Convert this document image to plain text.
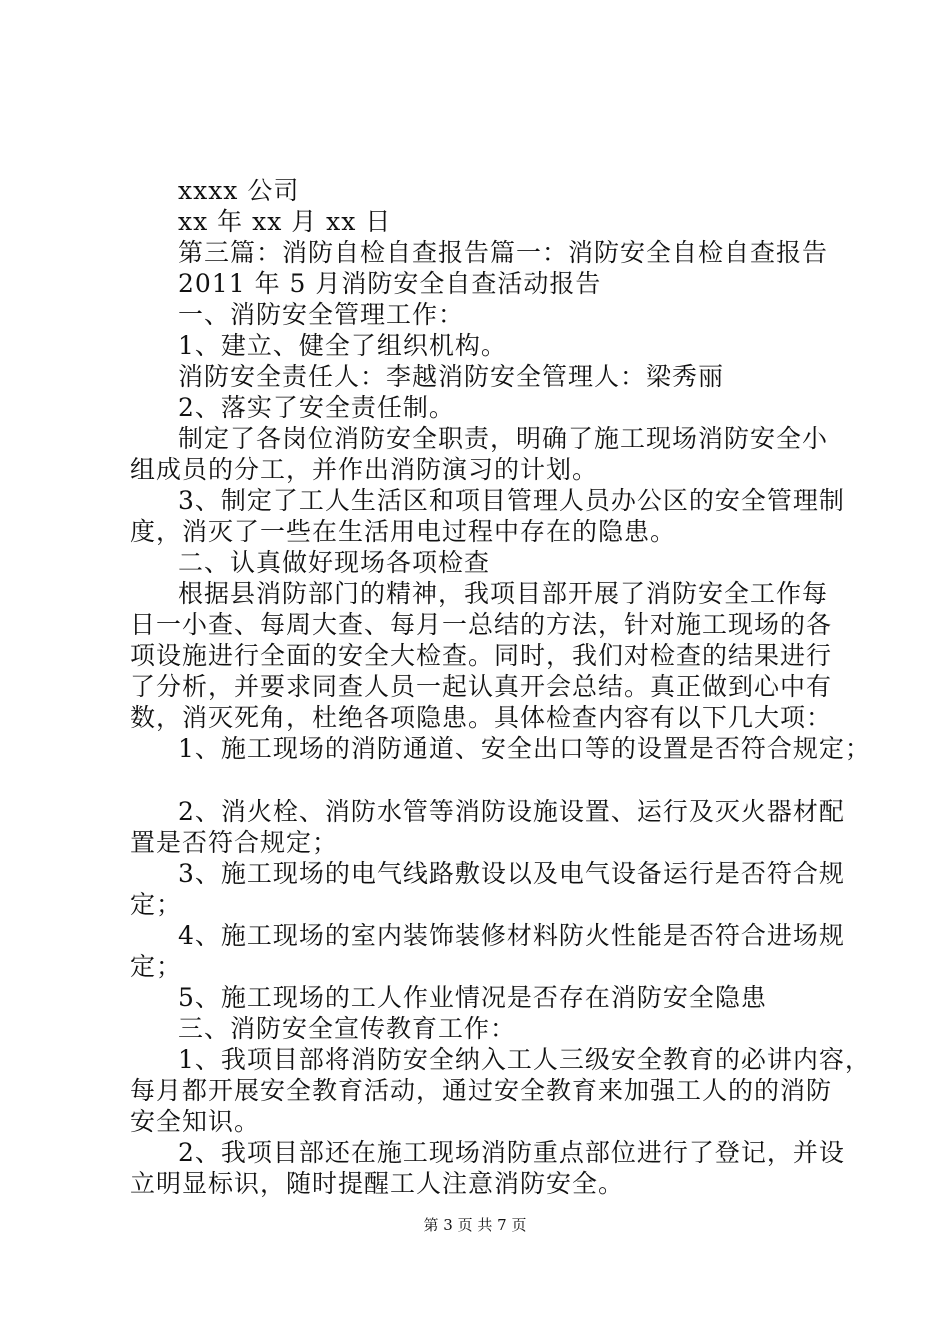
xxxx 公司

xx 年 xx 月 xx 日

第三篇：消防自检自查报告篇一：消防安全自检自查报告

2011 年 5 月消防安全自查活动报告

一、消防安全管理工作：

1、建立、健全了组织机构。

消防安全责任人：李越消防安全管理人：梁秀丽

2、落实了安全责任制。

制定了各岗位消防安全职责，明确了施工现场消防安全小

组成员的分工，并作出消防演习的计划。

3、制定了工人生活区和项目管理人员办公区的安全管理制

度，消灭了一些在生活用电过程中存在的隐患。

二、认真做好现场各项检查

根据县消防部门的精神，我项目部开展了消防安全工作每

日一小查、每周大查、每月一总结的方法，针对施工现场的各

项设施进行全面的安全大检查。同时，我们对检查的结果进行

了分析，并要求同查人员一起认真开会总结。真正做到心中有

数，消灭死角，杜绝各项隐患。具体检查内容有以下几大项：

1、施工现场的消防通道、安全出口等的设置是否符合规定；

2、消火栓、消防水管等消防设施设置、运行及灭火器材配

置是否符合规定；

3、施工现场的电气线路敷设以及电气设备运行是否符合规

定；

4、施工现场的室内装饰装修材料防火性能是否符合进场规

定；

5、施工现场的工人作业情况是否存在消防安全隐患

三、消防安全宣传教育工作：

1、我项目部将消防安全纳入工人三级安全教育的必讲内容，

每月都开展安全教育活动，通过安全教育来加强工人的的消防

安全知识。

2、我项目部还在施工现场消防重点部位进行了登记，并设

立明显标识，随时提醒工人注意消防安全。

第 3 页 共 7 页
